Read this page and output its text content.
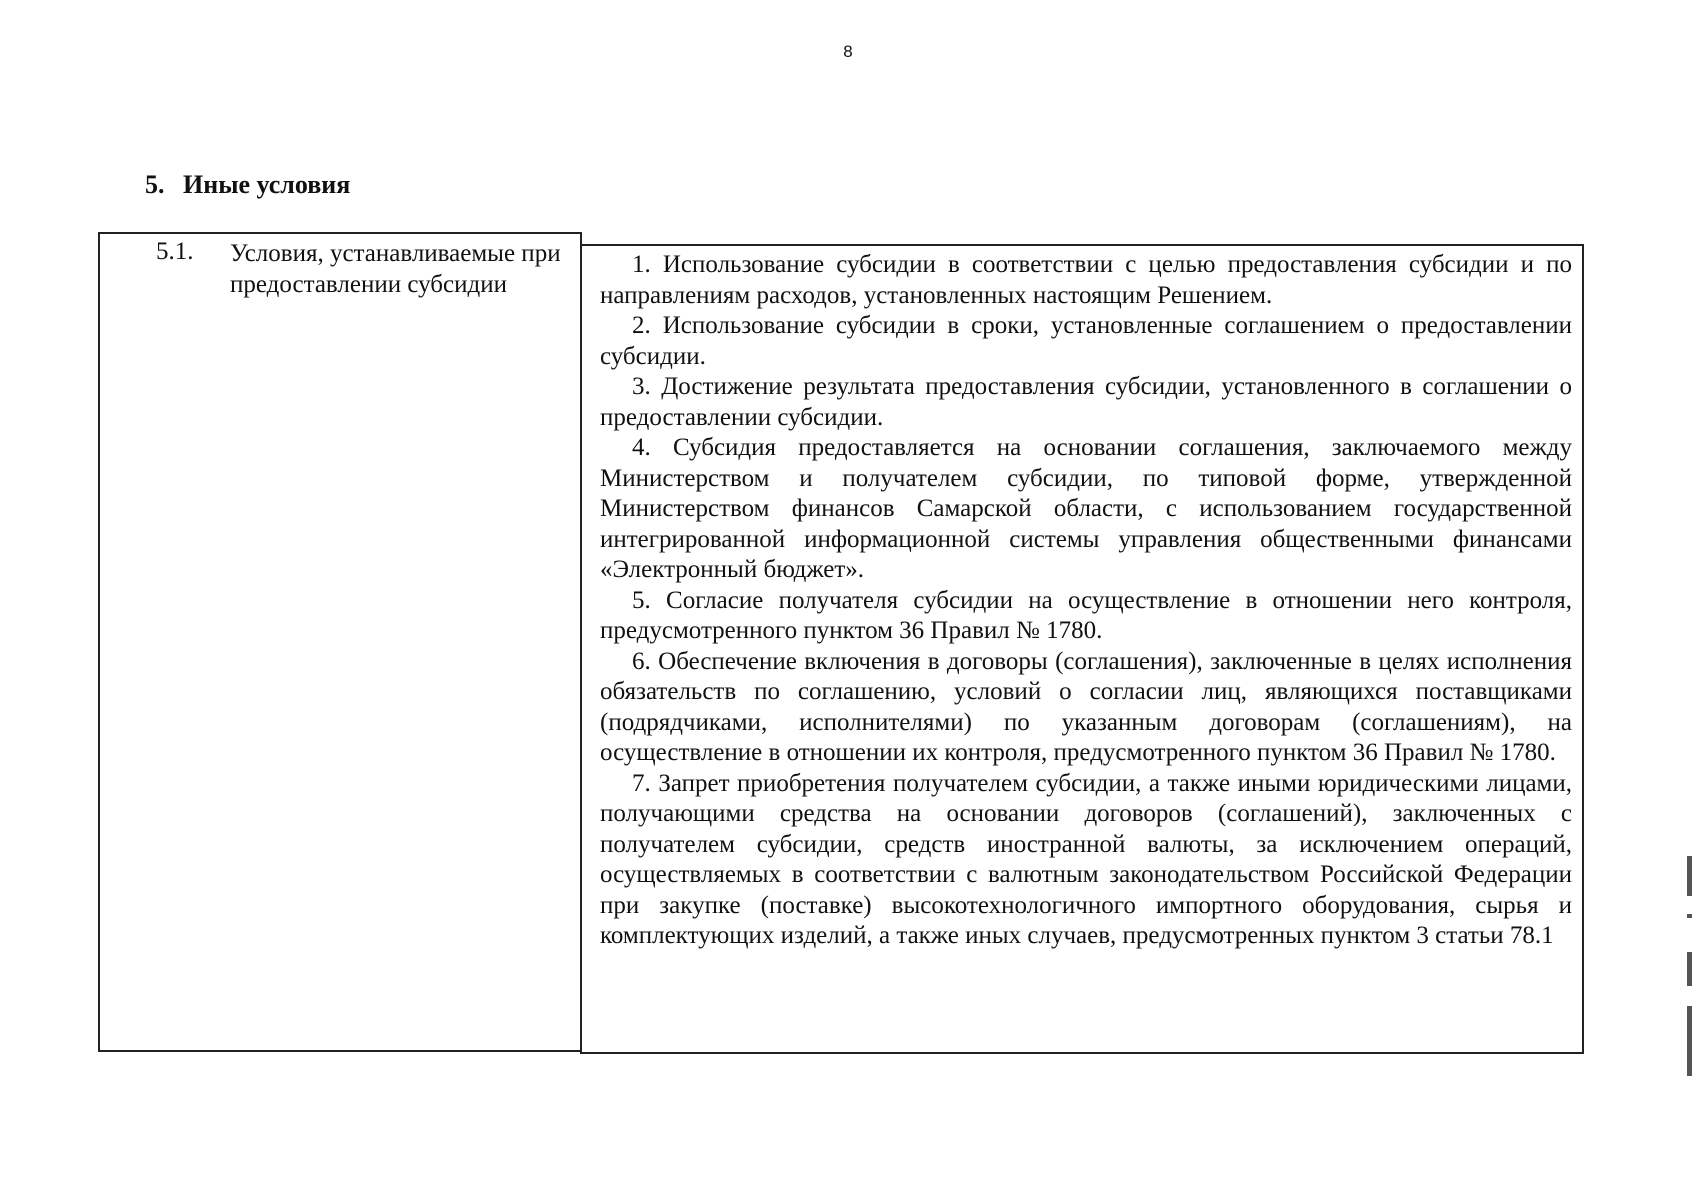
8
5. Иные условия
5.1. Условия, устанавливаемые при предоставлении субсидии

1. Использование субсидии в соответствии с целью предоставления субсидии и по направлениям расходов, установленных настоящим Решением.

2. Использование субсидии в сроки, установленные соглашением о предоставлении субсидии.

3. Достижение результата предоставления субсидии, установленного в соглашении о предоставлении субсидии.

4. Субсидия предоставляется на основании соглашения, заключаемого между Министерством и получателем субсидии, по типовой форме, утвержденной Министерством финансов Самарской области, с использованием государственной интегрированной информационной системы управления общественными финансами «Электронный бюджет».

5. Согласие получателя субсидии на осуществление в отношении него контроля, предусмотренного пунктом 36 Правил № 1780.

6. Обеспечение включения в договоры (соглашения), заключенные в целях исполнения обязательств по соглашению, условий о согласии лиц, являющихся поставщиками (подрядчиками, исполнителями) по указанным договорам (соглашениям), на осуществление в отношении их контроля, предусмотренного пунктом 36 Правил № 1780.

7. Запрет приобретения получателем субсидии, а также иными юридическими лицами, получающими средства на основании договоров (соглашений), заключенных с получателем субсидии, средств иностранной валюты, за исключением операций, осуществляемых в соответствии с валютным законодательством Российской Федерации при закупке (поставке) высокотехнологичного импортного оборудования, сырья и комплектующих изделий, а также иных случаев, предусмотренных пунктом 3 статьи 78.1
